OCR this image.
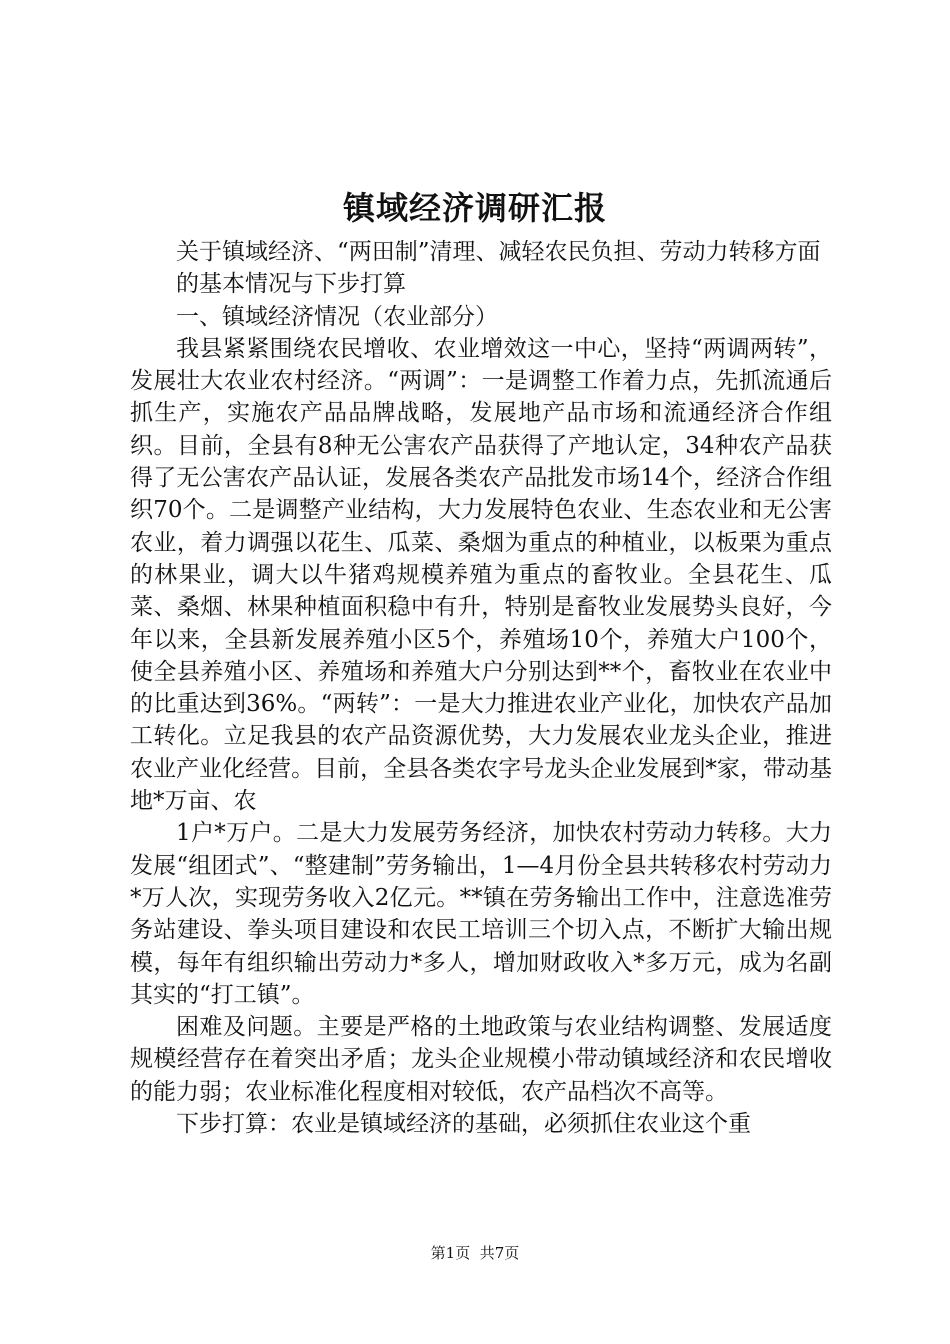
镇域经济调研汇报

关于镇域经济、“两田制”清理、减轻农民负担、劳动力转移方面

的基本情况与下步打算

一、镇域经济情况（农业部分）

我县紧紧围绕农民增收、农业增效这一中心，坚持“两调两转”，发展壮大农业农村经济。“两调”：一是调整工作着力点，先抓流通后抓生产，实施农产品品牌战略，发展地产品市场和流通经济合作组织。目前，全县有8种无公害农产品获得了产地认定，34种农产品获得了无公害农产品认证，发展各类农产品批发市场14个，经济合作组织70个。二是调整产业结构，大力发展特色农业、生态农业和无公害农业，着力调强以花生、瓜菜、桑烟为重点的种植业，以板栗为重点的林果业，调大以牛猪鸡规模养殖为重点的畜牧业。全县花生、瓜菜、桑烟、林果种植面积稳中有升，特别是畜牧业发展势头良好，今年以来，全县新发展养殖小区5个，养殖场10个，养殖大户100个，使全县养殖小区、养殖场和养殖大户分别达到**个，畜牧业在农业中的比重达到36%。“两转”：一是大力推进农业产业化，加快农产品加工转化。立足我县的农产品资源优势，大力发展农业龙头企业，推进农业产业化经营。目前，全县各类农字号龙头企业发展到*家，带动基地*万亩、农

1户*万户。二是大力发展劳务经济，加快农村劳动力转移。大力发展“组团式”、“整建制”劳务输出，1—4月份全县共转移农村劳动力*万人次，实现劳务收入2亿元。**镇在劳务输出工作中，注意选准劳务站建设、拳头项目建设和农民工培训三个切入点，不断扩大输出规模，每年有组织输出劳动力*多人，增加财政收入*多万元，成为名副其实的“打工镇”。

困难及问题。主要是严格的土地政策与农业结构调整、发展适度规模经营存在着突出矛盾；龙头企业规模小带动镇域经济和农民增收的能力弱；农业标准化程度相对较低，农产品档次不高等。

下步打算：农业是镇域经济的基础，必须抓住农业这个重

第1页 共7页
